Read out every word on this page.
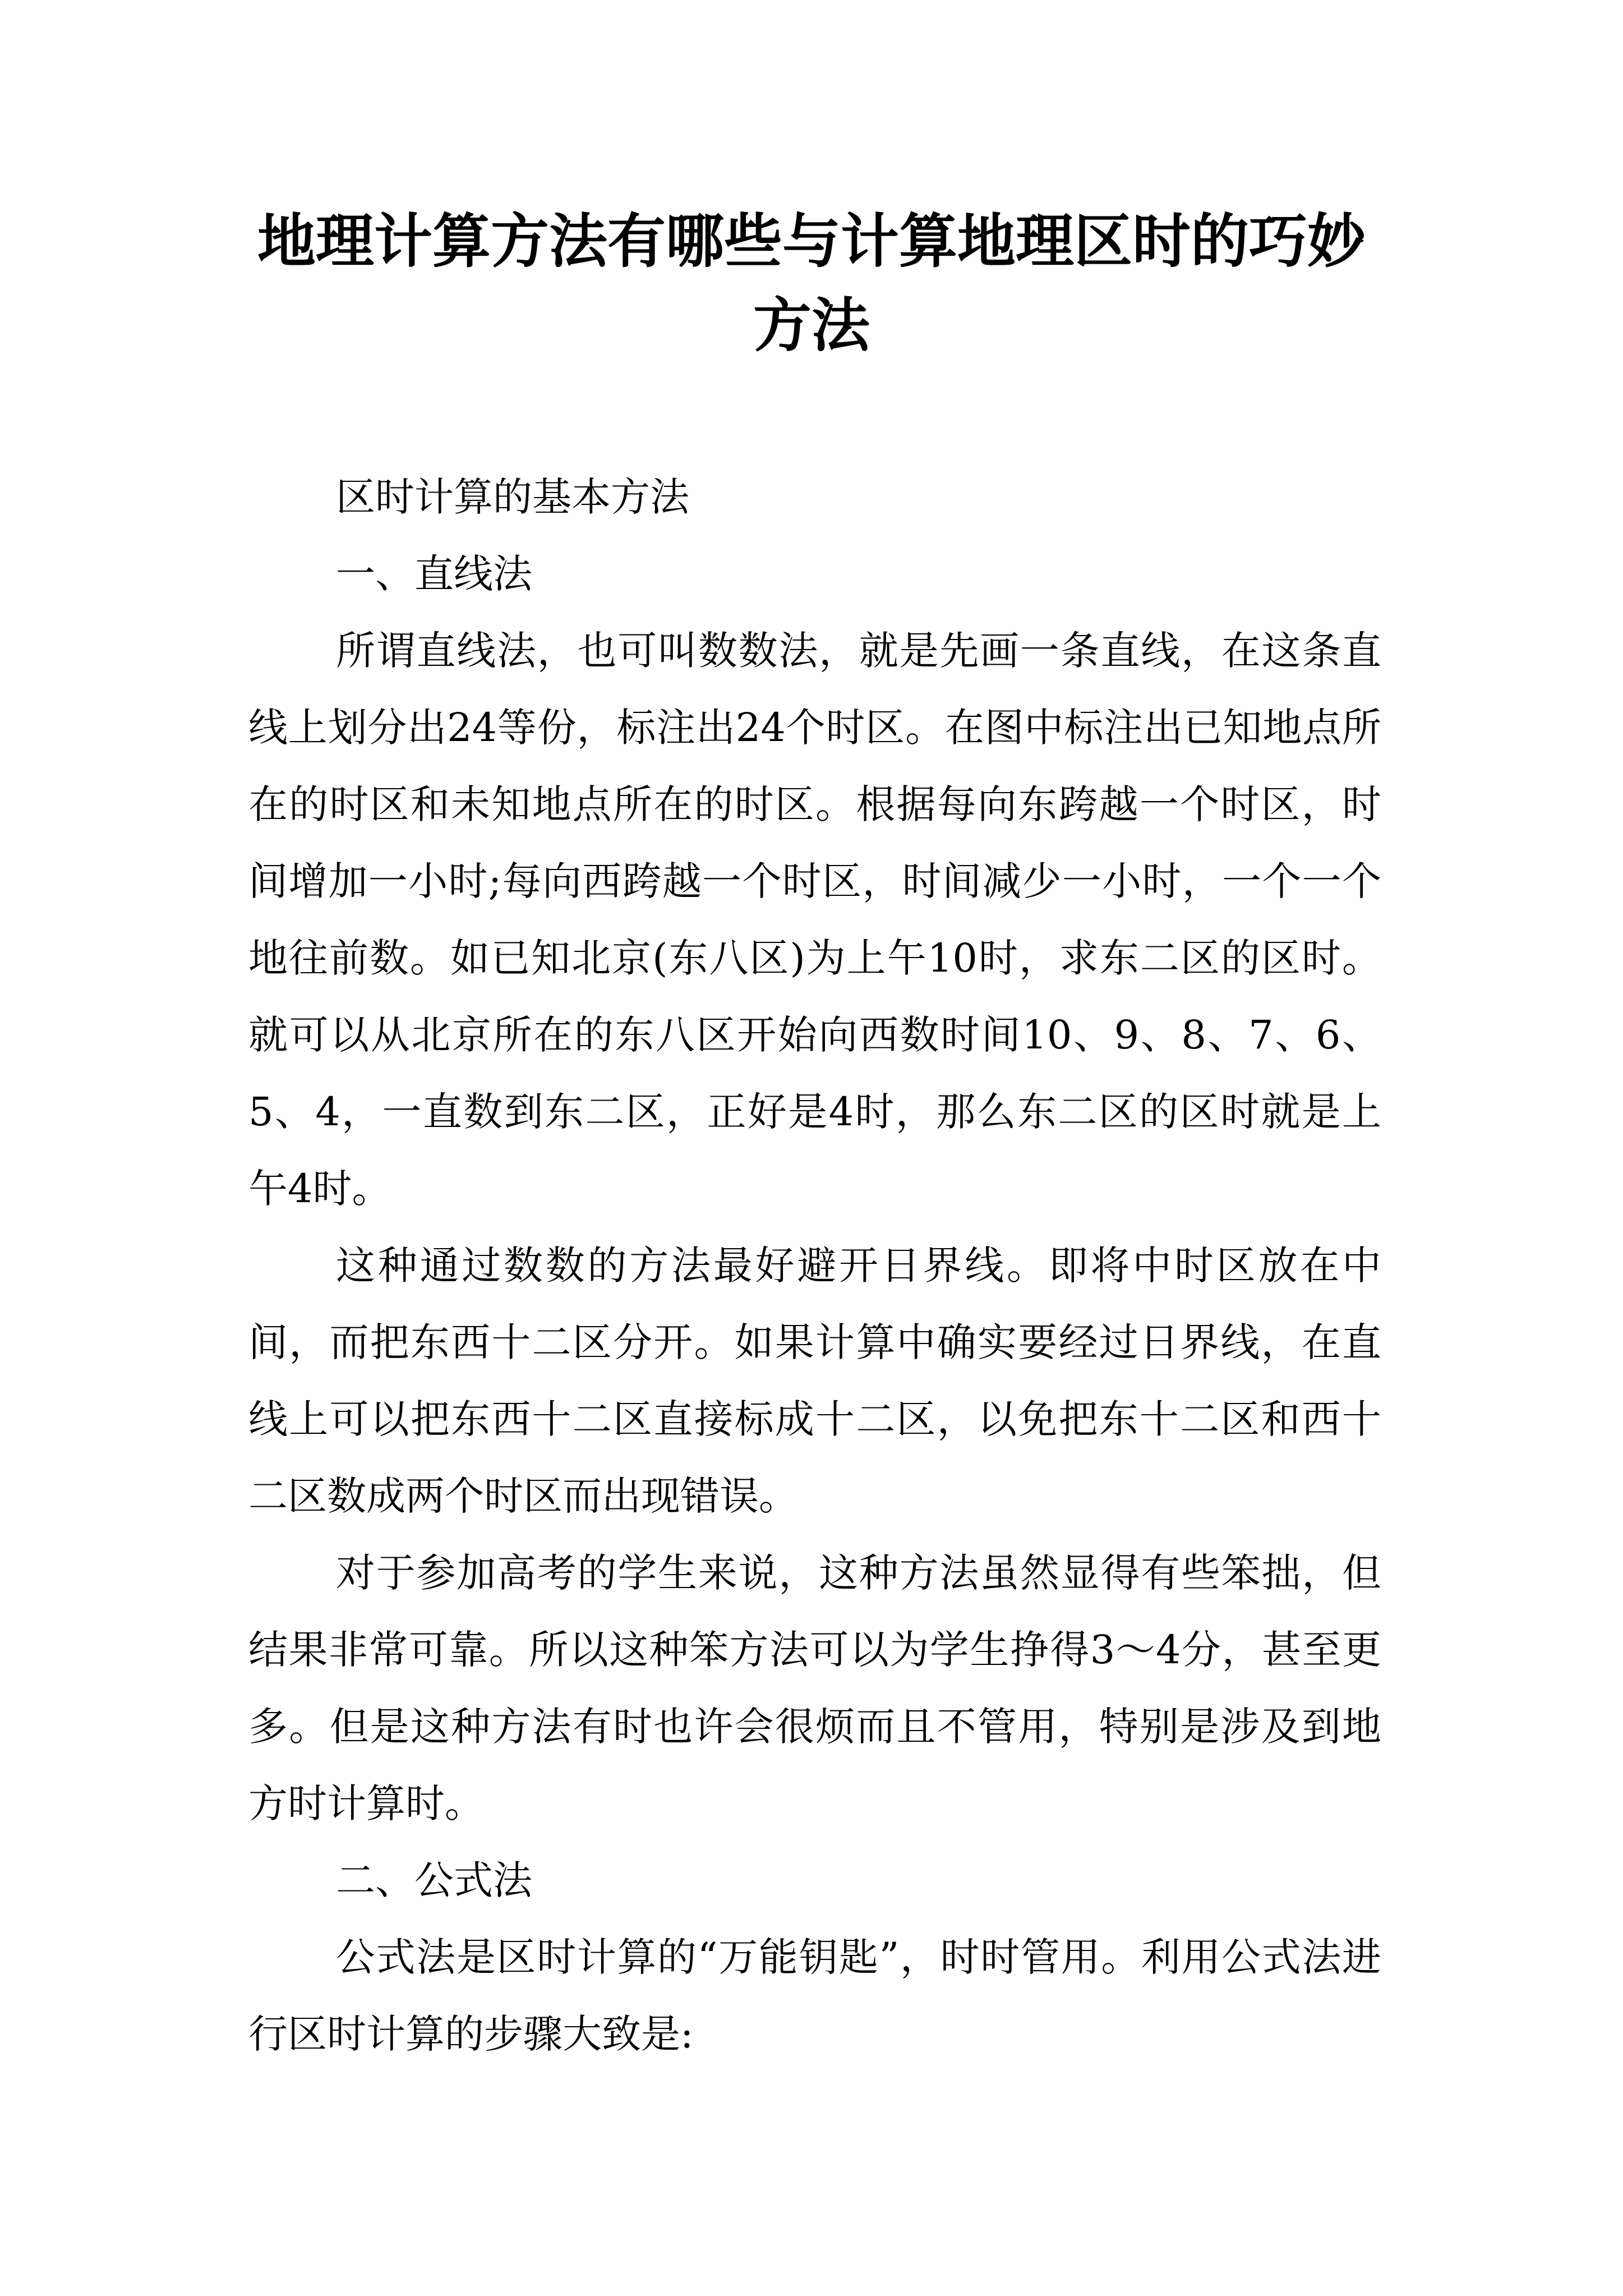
地理计算方法有哪些与计算地理区时的巧妙方法

区时计算的基本方法

一、直线法

所谓直线法，也可叫数数法，就是先画一条直线，在这条直线上划分出24等份，标注出24个时区。在图中标注出已知地点所在的时区和未知地点所在的时区。根据每向东跨越一个时区，时间增加一小时;每向西跨越一个时区，时间减少一小时，一个一个地往前数。如已知北京(东八区)为上午10时，求东二区的区时。就可以从北京所在的东八区开始向西数时间10、9、8、7、6、5、4，一直数到东二区，正好是4时，那么东二区的区时就是上午4时。

这种通过数数的方法最好避开日界线。即将中时区放在中间，而把东西十二区分开。如果计算中确实要经过日界线，在直线上可以把东西十二区直接标成十二区，以免把东十二区和西十二区数成两个时区而出现错误。

对于参加高考的学生来说，这种方法虽然显得有些笨拙，但结果非常可靠。所以这种笨方法可以为学生挣得3～4分，甚至更多。但是这种方法有时也许会很烦而且不管用，特别是涉及到地方时计算时。

二、公式法

公式法是区时计算的“万能钥匙”，时时管用。利用公式法进行区时计算的步骤大致是:
